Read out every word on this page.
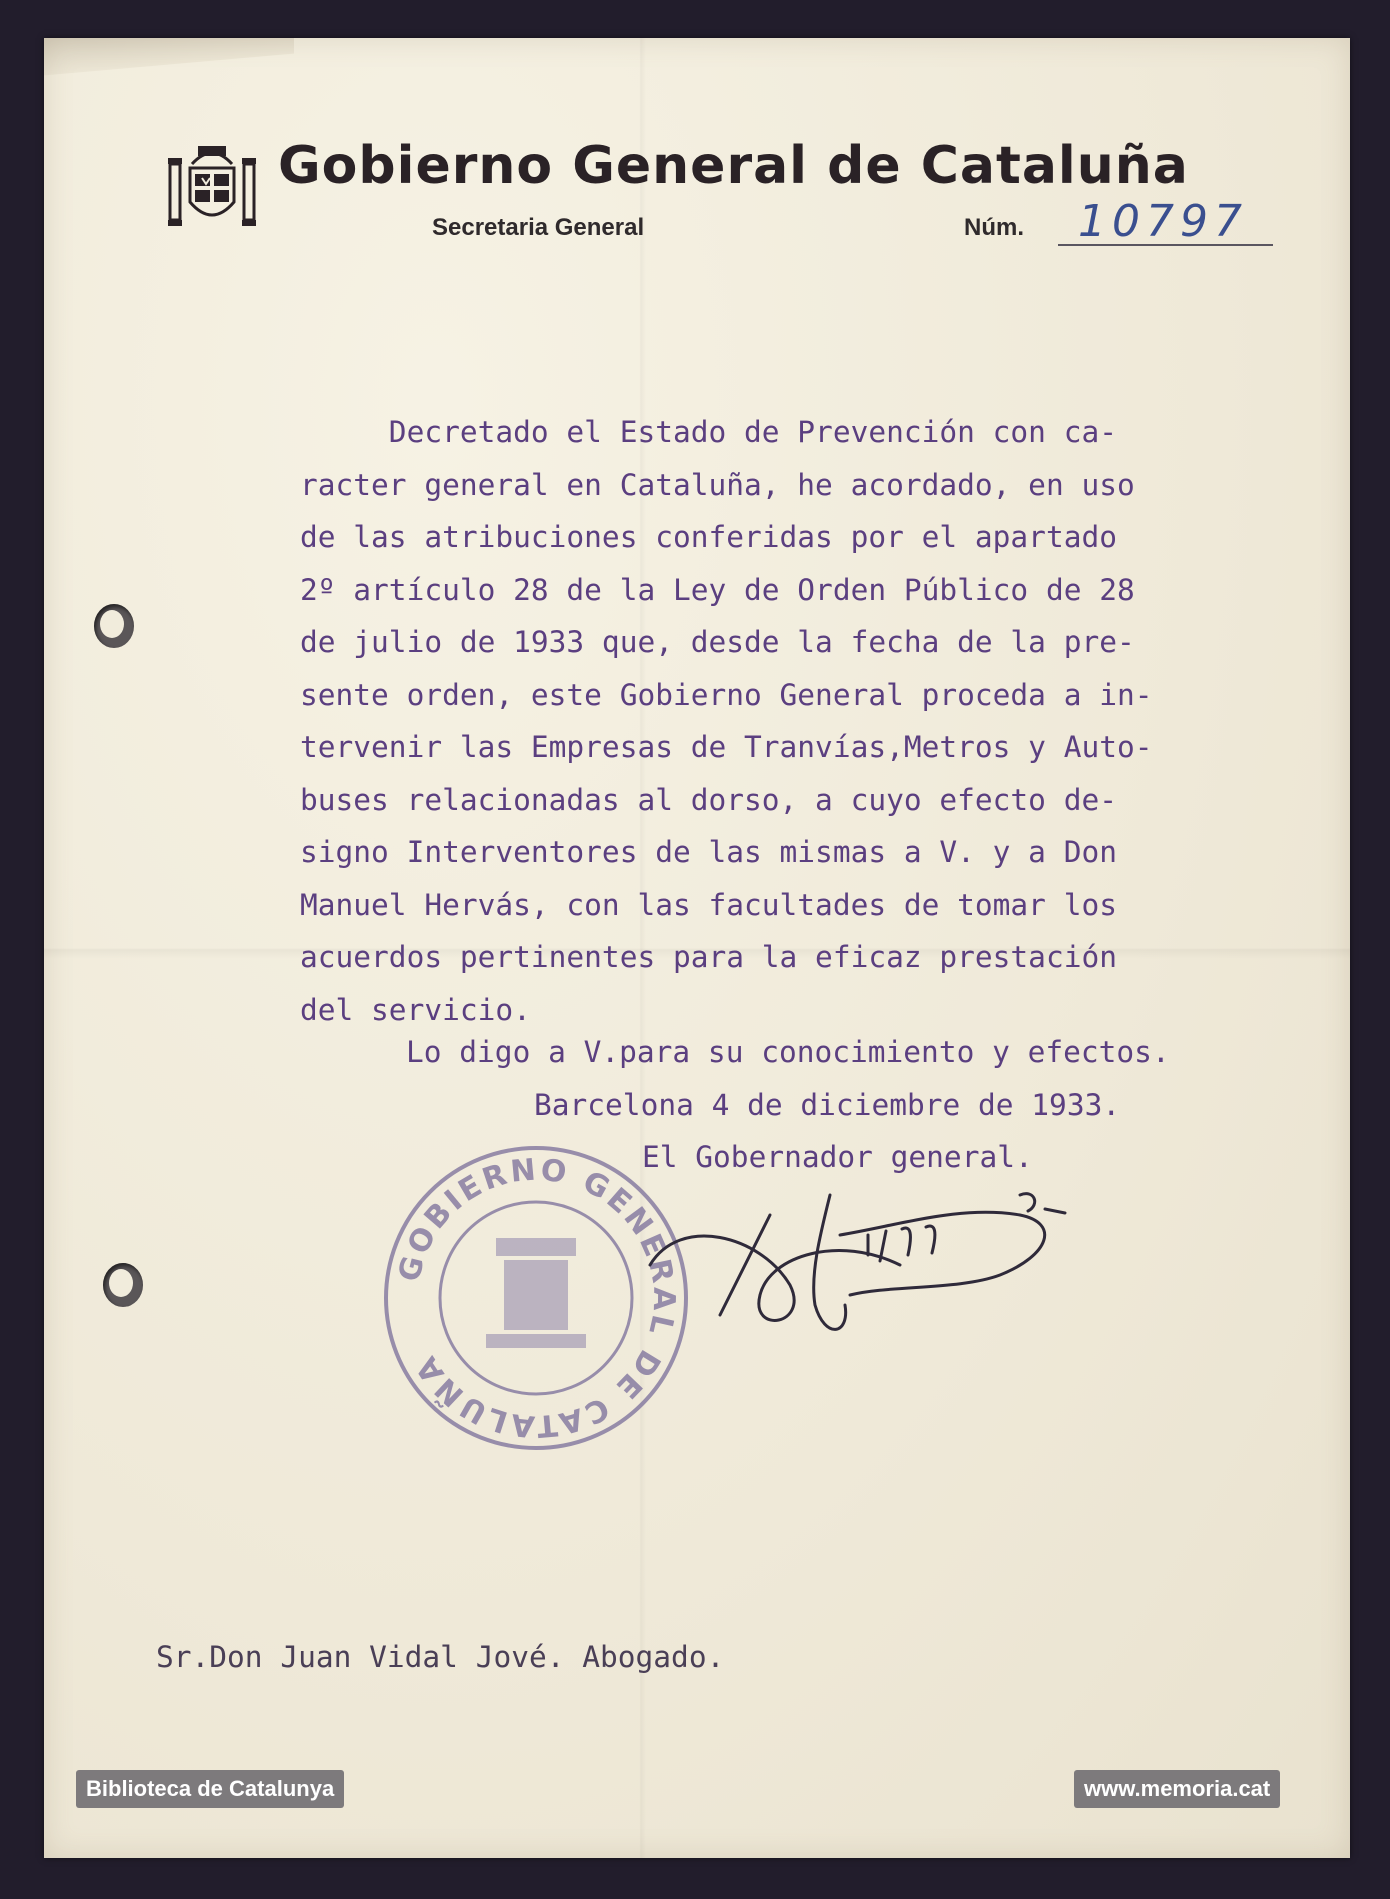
Gobierno General de Cataluña
Secretaria General	Núm. 10797
Decretado el Estado de Prevención con ca-
racter general en Cataluña, he acordado, en uso
de las atribuciones conferidas por el apartado
2º artículo 28 de la Ley de Orden Público de 28
de julio de 1933 que, desde la fecha de la pre-
sente orden, este Gobierno General proceda a in-
tervenir las Empresas de Tranvías,Metros y Auto-
buses relacionadas al dorso, a cuyo efecto de-
signo Interventores de las mismas a V. y a Don
Manuel Hervás, con las facultades de tomar los
acuerdos pertinentes para la eficaz prestación
del servicio.
Lo digo a V.para su conocimiento y efectos.
Barcelona 4 de diciembre de 1933.
El Gobernador general.
GOBIERNO GENERAL DE CATALUÑA
Sr.Don Juan Vidal Jové. Abogado.
Biblioteca de Catalunya	www.memoria.cat
